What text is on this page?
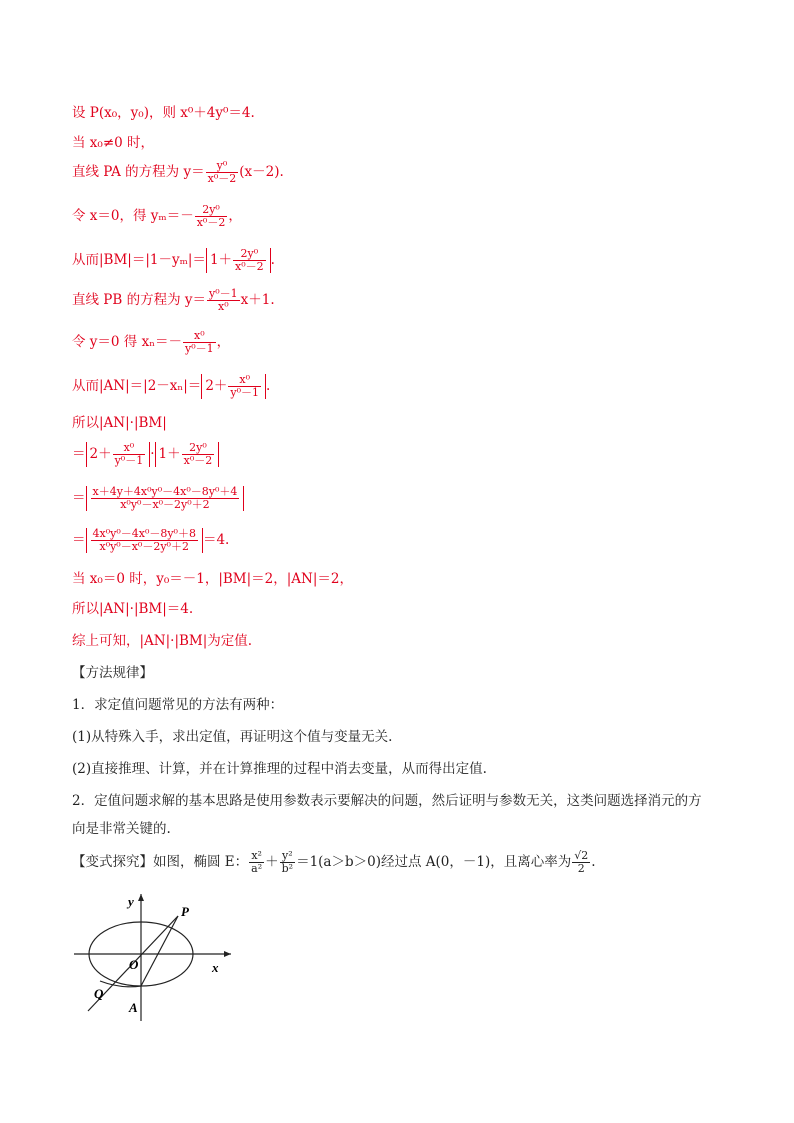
设 P(x₀，y₀)，则 x⁰＋4y⁰＝4.
当 x₀≠0 时，
直线 PA 的方程为 $y= \frac{\text{y⁰}}{\text{x⁰－2}} (x-2)$.
令 x＝0，得 $y_m=- \frac{\text{2y⁰}}{\text{x⁰－2}}$ ，
从而$|BM|=|1-y_m|= 1+ \frac{\text{2y⁰}}{\text{x⁰－2}}$ .
直线 PB 的方程为 $y= \frac{\text{y⁰－1}}{\text{x⁰}} x+1$.
令 y＝0 得 $x_n=- \frac{\text{x⁰}}{\text{y⁰－1}}$ ，
从而$|AN|=|2-x_n|= 2+ \frac{\text{x⁰}}{\text{y⁰－1}}$ .
所以|AN|·|BM|
＝ $2+ \frac{\text{x⁰}}{\text{y⁰－1}} \cdot 1+ \frac{\text{2y⁰}}{\text{x⁰－2}}$
＝ $\frac{\text{x＋4y＋4x⁰y⁰－4x⁰－8y⁰＋4}}{\text{x⁰y⁰－x⁰－2y⁰＋2}}$
＝ $\frac{\text{4x⁰y⁰－4x⁰－8y⁰＋8}}{\text{x⁰y⁰－x⁰－2y⁰＋2}} =4$.
当 x₀＝0 时，y₀＝－1，|BM|＝2，|AN|＝2，
所以|AN|·|BM|＝4.
综上可知，|AN|·|BM|为定值.
【方法规律】
1．求定值问题常见的方法有两种：
(1)从特殊入手，求出定值，再证明这个值与变量无关.
(2)直接推理、计算，并在计算推理的过程中消去变量，从而得出定值.
2．定值问题求解的基本思路是使用参数表示要解决的问题，然后证明与参数无关，这类问题选择消元的方
向是非常关键的.
【变式探究】如图，椭圆 E： $\frac{\text{x²}}{\text{a²}} + \frac{\text{y²}}{\text{b²}} =1(a>b>0)$经过点 A(0，－1)，且离心率为 $\frac{√2}{2}$ .
y
x
O
P
Q
A
